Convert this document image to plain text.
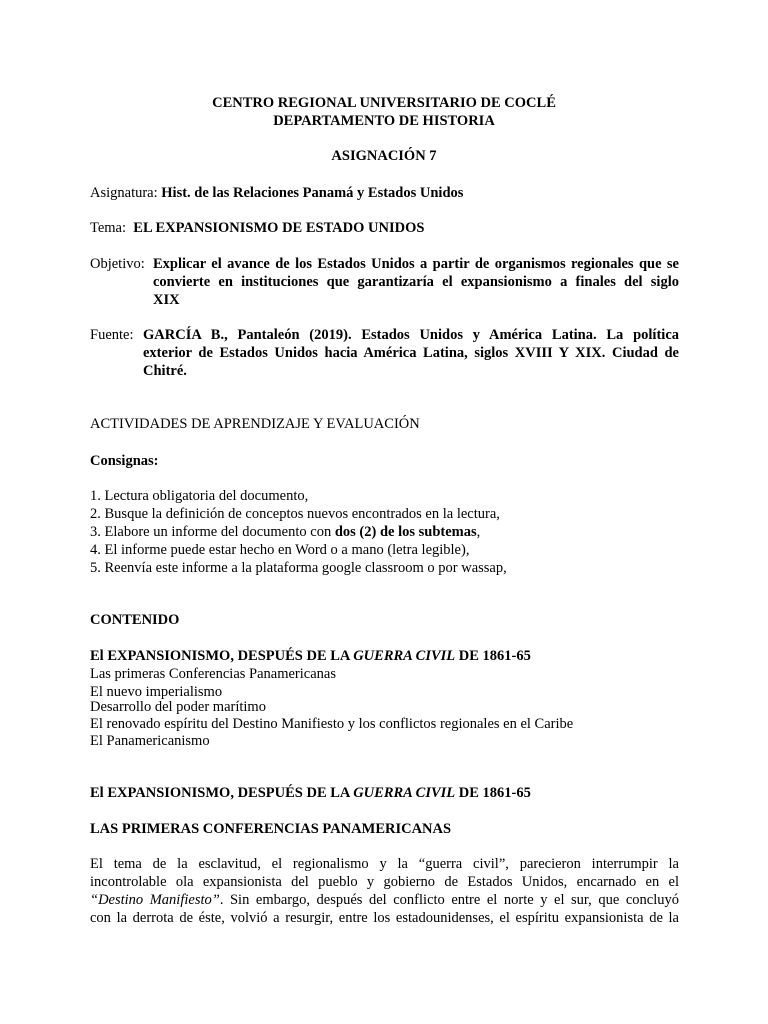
CENTRO REGIONAL UNIVERSITARIO DE COCLÉ
DEPARTAMENTO DE HISTORIA
ASIGNACIÓN 7
Asignatura: Hist. de las Relaciones Panamá y Estados Unidos
Tema: EL EXPANSIONISMO DE ESTADO UNIDOS
Objetivo: Explicar el avance de los Estados Unidos a partir de organismos regionales que se
convierte en instituciones que garantizaría el expansionismo a finales del siglo
XIX
Fuente: GARCÍA B., Pantaleón (2019). Estados Unidos y América Latina. La política
exterior de Estados Unidos hacia América Latina, siglos XVIII Y XIX. Ciudad de
Chitré.
ACTIVIDADES DE APRENDIZAJE Y EVALUACIÓN
Consignas:
1. Lectura obligatoria del documento,
2. Busque la definición de conceptos nuevos encontrados en la lectura,
3. Elabore un informe del documento con dos (2) de los subtemas,
4. El informe puede estar hecho en Word o a mano (letra legible),
5. Reenvía este informe a la plataforma google classroom o por wassap,
CONTENIDO
El EXPANSIONISMO, DESPUÉS DE LA GUERRA CIVIL DE 1861-65
Las primeras Conferencias Panamericanas
El nuevo imperialismo
Desarrollo del poder marítimo
El renovado espíritu del Destino Manifiesto y los conflictos regionales en el Caribe
El Panamericanismo
El EXPANSIONISMO, DESPUÉS DE LA GUERRA CIVIL DE 1861-65
LAS PRIMERAS CONFERENCIAS PANAMERICANAS
El tema de la esclavitud, el regionalismo y la “guerra civil”, parecieron interrumpir la
incontrolable ola expansionista del pueblo y gobierno de Estados Unidos, encarnado en el
“Destino Manifiesto”. Sin embargo, después del conflicto entre el norte y el sur, que concluyó
con la derrota de éste, volvió a resurgir, entre los estadounidenses, el espíritu expansionista de la
